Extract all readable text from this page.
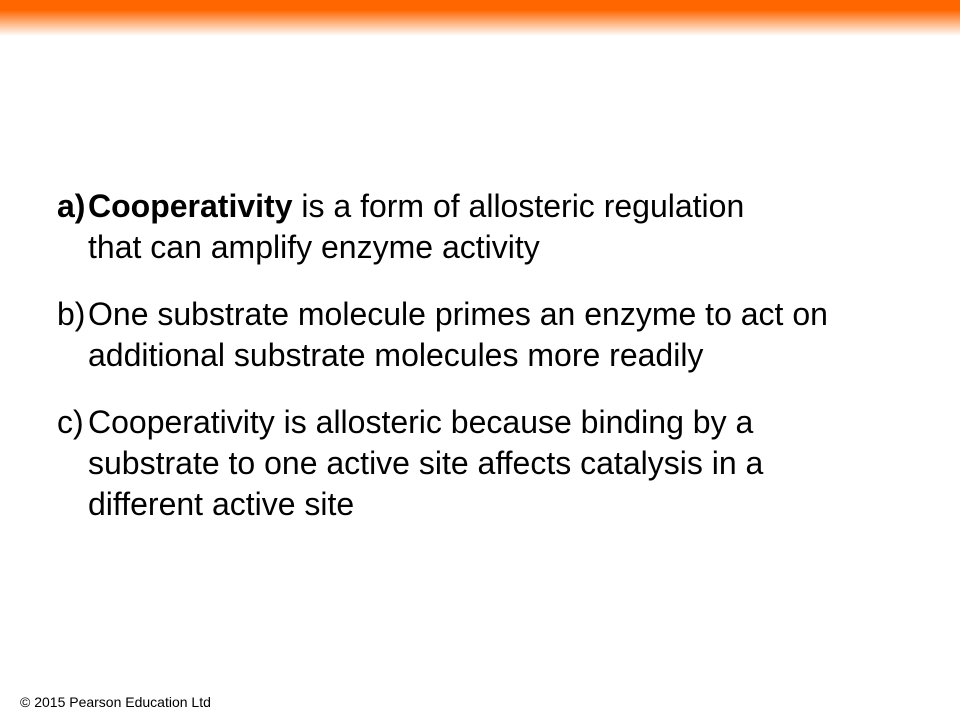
a) Cooperativity is a form of allosteric regulation
that can amplify enzyme activity
b) One substrate molecule primes an enzyme to act on
additional substrate molecules more readily
c) Cooperativity is allosteric because binding by a
substrate to one active site affects catalysis in a
different active site
© 2015 Pearson Education Ltd
